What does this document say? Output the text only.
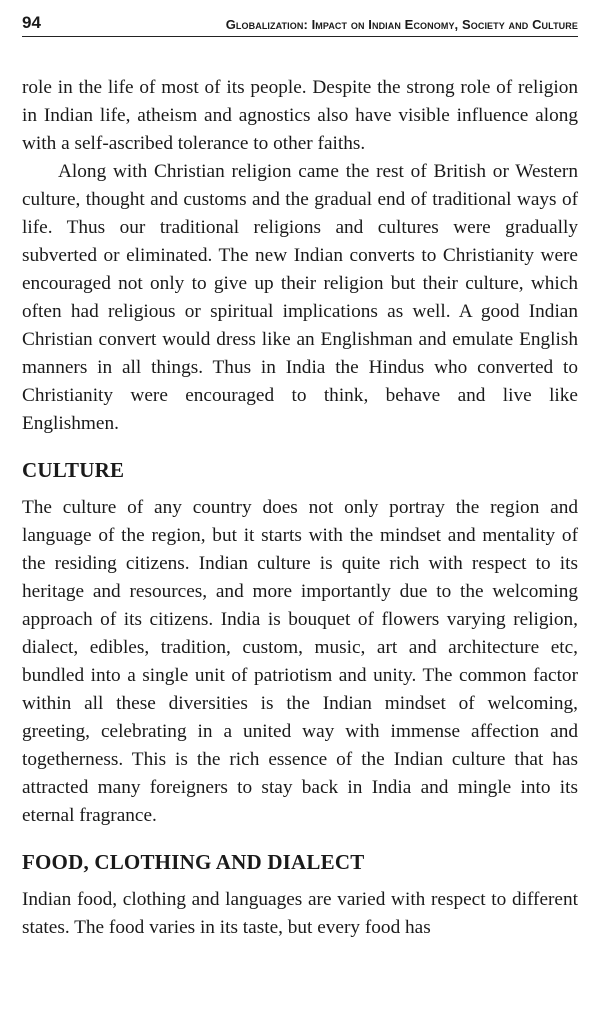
94	Globalization: Impact on Indian Economy, Society and Culture

role in the life of most of its people. Despite the strong role of religion in Indian life, atheism and agnostics also have visible influence along with a self-ascribed tolerance to other faiths.

Along with Christian religion came the rest of British or Western culture, thought and customs and the gradual end of traditional ways of life. Thus our traditional religions and cultures were gradually subverted or eliminated. The new Indian converts to Christianity were encouraged not only to give up their religion but their culture, which often had religious or spiritual implications as well. A good Indian Christian convert would dress like an Englishman and emulate English manners in all things. Thus in India the Hindus who converted to Christianity were encouraged to think, behave and live like Englishmen.

CULTURE

The culture of any country does not only portray the region and language of the region, but it starts with the mindset and mentality of the residing citizens. Indian culture is quite rich with respect to its heritage and resources, and more importantly due to the welcoming approach of its citizens. India is bouquet of flowers varying religion, dialect, edibles, tradition, custom, music, art and architecture etc, bundled into a single unit of patriotism and unity. The common factor within all these diversities is the Indian mindset of welcoming, greeting, celebrating in a united way with immense affection and togetherness. This is the rich essence of the Indian culture that has attracted many foreigners to stay back in India and mingle into its eternal fragrance.

FOOD, CLOTHING AND DIALECT

Indian food, clothing and languages are varied with respect to different states. The food varies in its taste, but every food has
